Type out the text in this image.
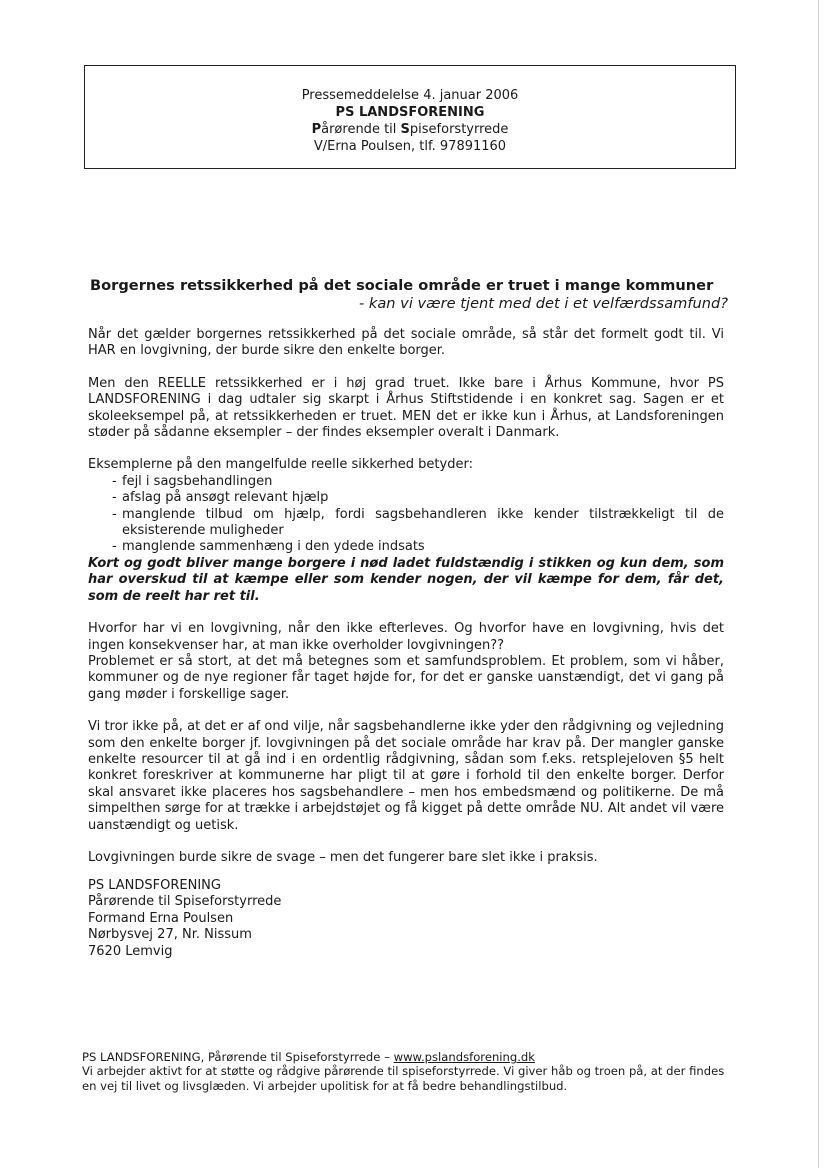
Pressemeddelelse 4. januar 2006
PS LANDSFORENING
Pårørende til Spiseforstyrrede
V/Erna Poulsen, tlf. 97891160
Borgernes retssikkerhed på det sociale område er truet i mange kommuner
- kan vi være tjent med det i et velfærdssamfund?

Når det gælder borgernes retssikkerhed på det sociale område, så står det formelt godt til. Vi HAR en lovgivning, der burde sikre den enkelte borger.

Men den REELLE retssikkerhed er i høj grad truet. Ikke bare i Århus Kommune, hvor PS LANDSFORENING i dag udtaler sig skarpt i Århus Stiftstidende i en konkret sag. Sagen er et skoleeksempel på, at retssikkerheden er truet. MEN det er ikke kun i Århus, at Landsforeningen støder på sådanne eksempler – der findes eksempler overalt i Danmark.

Eksemplerne på den mangelfulde reelle sikkerhed betyder:

- fejl i sagsbehandlingen
- afslag på ansøgt relevant hjælp
- manglende tilbud om hjælp, fordi sagsbehandleren ikke kender tilstrækkeligt til de eksisterende muligheder
- manglende sammenhæng i den ydede indsats

Kort og godt bliver mange borgere i nød ladet fuldstændig i stikken og kun dem, som har overskud til at kæmpe eller som kender nogen, der vil kæmpe for dem, får det, som de reelt har ret til.

Hvorfor har vi en lovgivning, når den ikke efterleves. Og hvorfor have en lovgivning, hvis det ingen konsekvenser har, at man ikke overholder lovgivningen??

Problemet er så stort, at det må betegnes som et samfundsproblem. Et problem, som vi håber, kommuner og de nye regioner får taget højde for, for det er ganske uanstændigt, det vi gang på gang møder i forskellige sager.

Vi tror ikke på, at det er af ond vilje, når sagsbehandlerne ikke yder den rådgivning og vejledning som den enkelte borger jf. lovgivningen på det sociale område har krav på. Der mangler ganske enkelte resourcer til at gå ind i en ordentlig rådgivning, sådan som f.eks. retsplejeloven §5 helt konkret foreskriver at kommunerne har pligt til at gøre i forhold til den enkelte borger. Derfor skal ansvaret ikke placeres hos sagsbehandlere – men hos embedsmænd og politikerne. De må simpelthen sørge for at trække i arbejdstøjet og få kigget på dette område NU. Alt andet vil være uanstændigt og uetisk.

Lovgivningen burde sikre de svage – men det fungerer bare slet ikke i praksis.

PS LANDSFORENING
Pårørende til Spiseforstyrrede
Formand Erna Poulsen
Nørbysvej 27, Nr. Nissum
7620 Lemvig
PS LANDSFORENING, Pårørende til Spiseforstyrrede – www.pslandsforening.dk
Vi arbejder aktivt for at støtte og rådgive pårørende til spiseforstyrrede. Vi giver håb og troen på, at der findes en vej til livet og livsglæden. Vi arbejder upolitisk for at få bedre behandlingstilbud.
